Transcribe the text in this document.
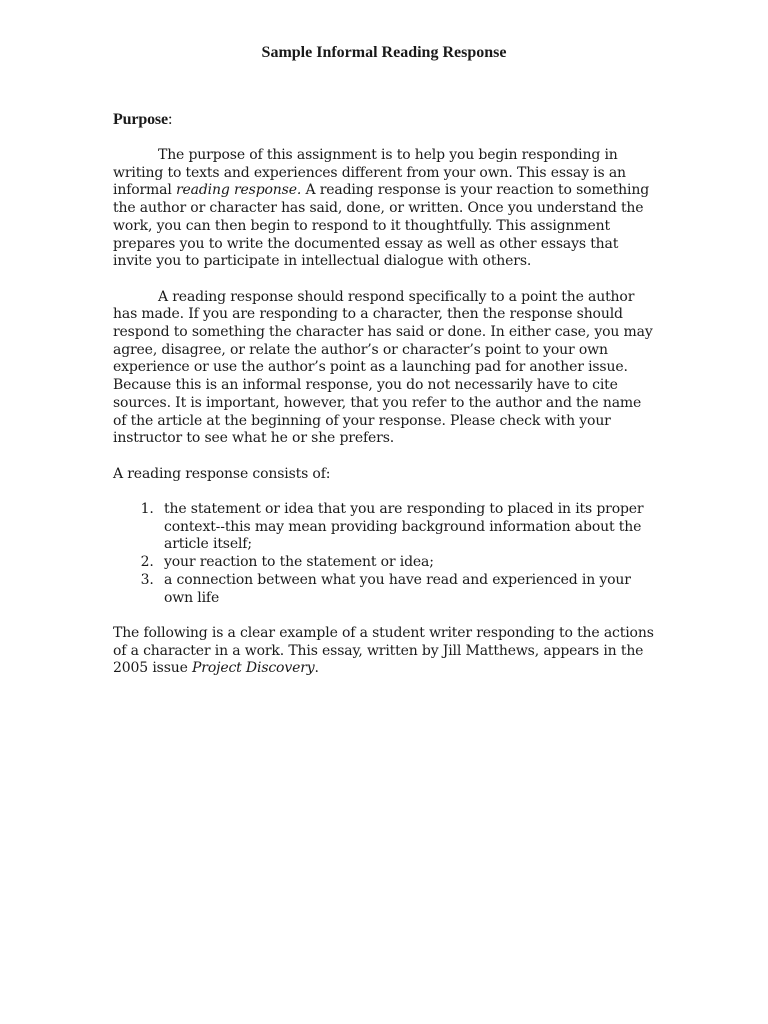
Sample Informal Reading Response
Purpose:

The purpose of this assignment is to help you begin responding in writing to texts and experiences different from your own. This essay is an informal reading response. A reading response is your reaction to something the author or character has said, done, or written. Once you understand the work, you can then begin to respond to it thoughtfully. This assignment prepares you to write the documented essay as well as other essays that invite you to participate in intellectual dialogue with others.

A reading response should respond specifically to a point the author has made. If you are responding to a character, then the response should respond to something the character has said or done. In either case, you may agree, disagree, or relate the author’s or character’s point to your own experience or use the author’s point as a launching pad for another issue. Because this is an informal response, you do not necessarily have to cite sources. It is important, however, that you refer to the author and the name of the article at the beginning of your response. Please check with your instructor to see what he or she prefers.

A reading response consists of:

1. the statement or idea that you are responding to placed in its proper context--this may mean providing background information about the article itself;
2. your reaction to the statement or idea;
3. a connection between what you have read and experienced in your own life

The following is a clear example of a student writer responding to the actions of a character in a work. This essay, written by Jill Matthews, appears in the 2005 issue Project Discovery.
